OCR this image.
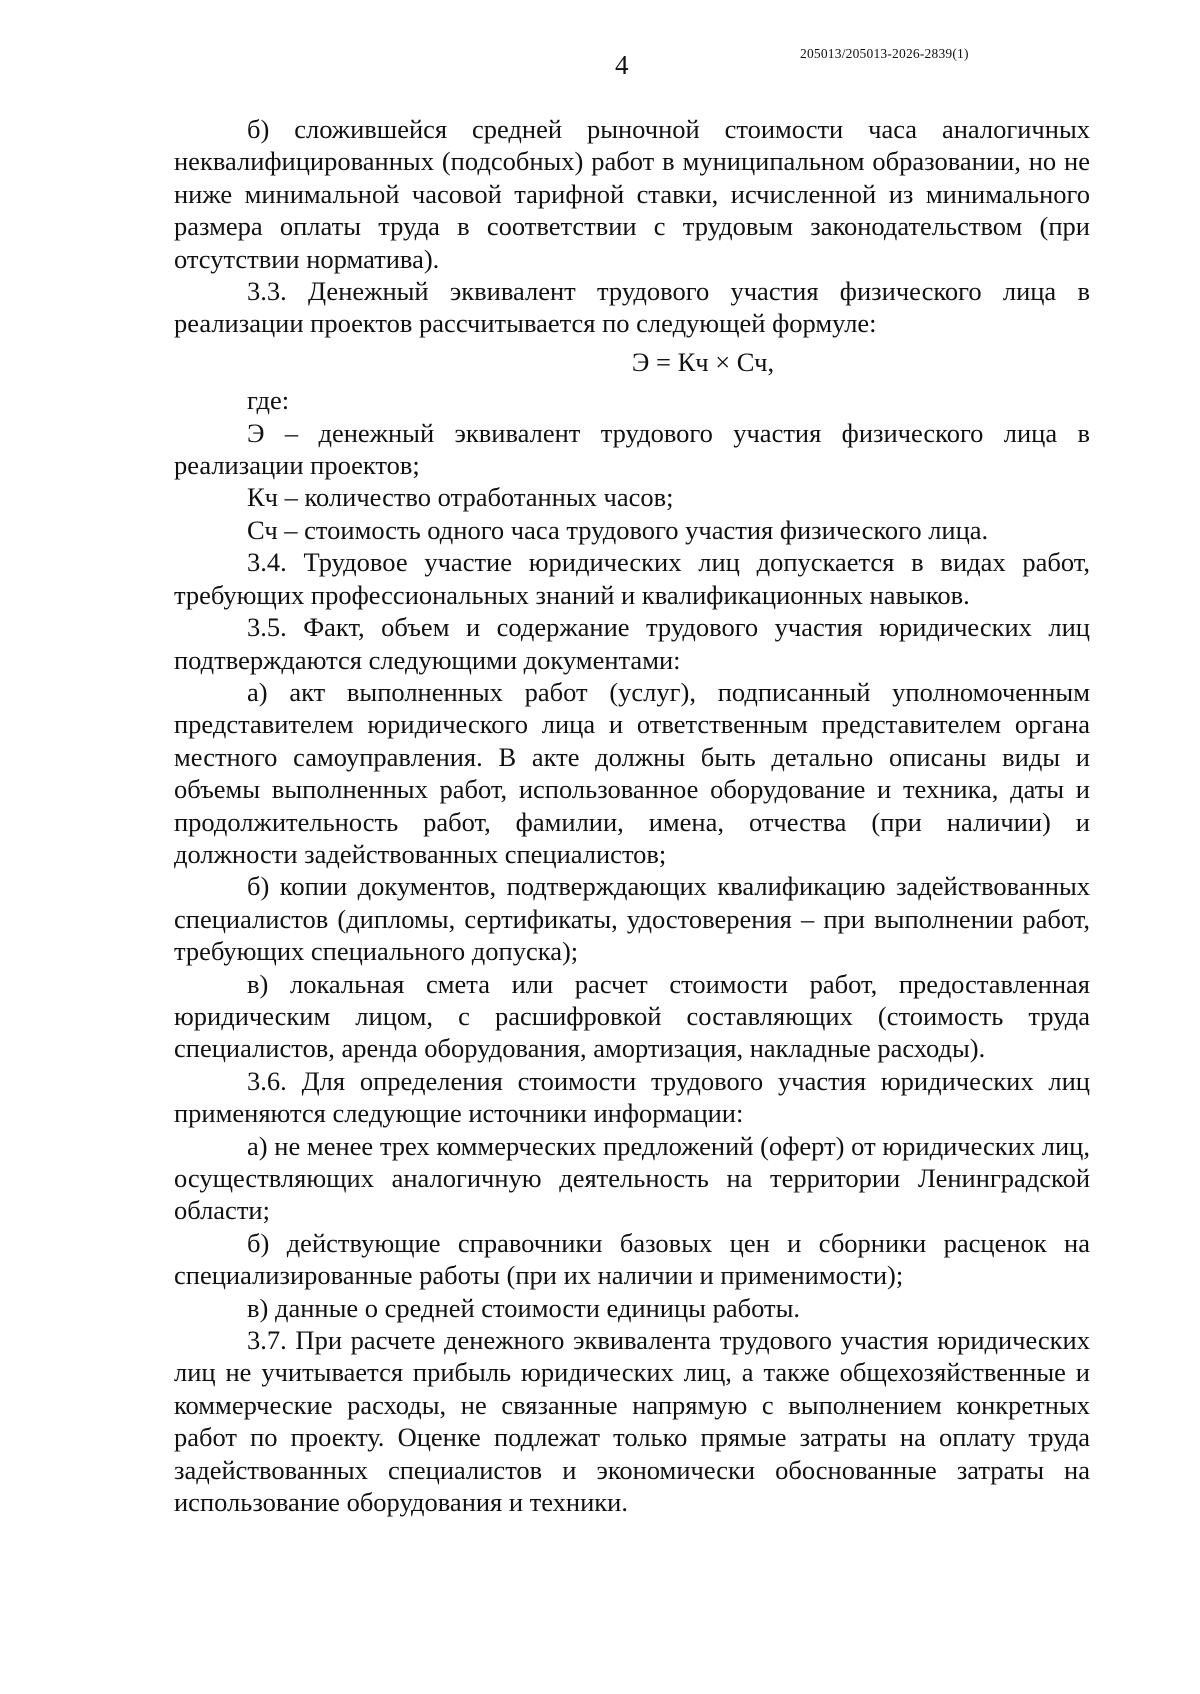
4	205013/205013-2026-2839(1)

б) сложившейся средней рыночной стоимости часа аналогичных неквалифицированных (подсобных) работ в муниципальном образовании, но не ниже минимальной часовой тарифной ставки, исчисленной из минимального размера оплаты труда в соответствии с трудовым законодательством (при отсутствии норматива).

3.3. Денежный эквивалент трудового участия физического лица в реализации проектов рассчитывается по следующей формуле:

Э = Кч × Сч,

где:

Э – денежный эквивалент трудового участия физического лица в реализации проектов;

Кч – количество отработанных часов;

Сч – стоимость одного часа трудового участия физического лица.

3.4. Трудовое участие юридических лиц допускается в видах работ, требующих профессиональных знаний и квалификационных навыков.

3.5. Факт, объем и содержание трудового участия юридических лиц подтверждаются следующими документами:

а) акт выполненных работ (услуг), подписанный уполномоченным представителем юридического лица и ответственным представителем органа местного самоуправления. В акте должны быть детально описаны виды и объемы выполненных работ, использованное оборудование и техника, даты и продолжительность работ, фамилии, имена, отчества (при наличии) и должности задействованных специалистов;

б) копии документов, подтверждающих квалификацию задействованных специалистов (дипломы, сертификаты, удостоверения – при выполнении работ, требующих специального допуска);

в) локальная смета или расчет стоимости работ, предоставленная юридическим лицом, с расшифровкой составляющих (стоимость труда специалистов, аренда оборудования, амортизация, накладные расходы).

3.6. Для определения стоимости трудового участия юридических лиц применяются следующие источники информации:

а) не менее трех коммерческих предложений (оферт) от юридических лиц, осуществляющих аналогичную деятельность на территории Ленинградской области;

б) действующие справочники базовых цен и сборники расценок на специализированные работы (при их наличии и применимости);

в) данные о средней стоимости единицы работы.

3.7. При расчете денежного эквивалента трудового участия юридических лиц не учитывается прибыль юридических лиц, а также общехозяйственные и коммерческие расходы, не связанные напрямую с выполнением конкретных работ по проекту. Оценке подлежат только прямые затраты на оплату труда задействованных специалистов и экономически обоснованные затраты на использование оборудования и техники.
